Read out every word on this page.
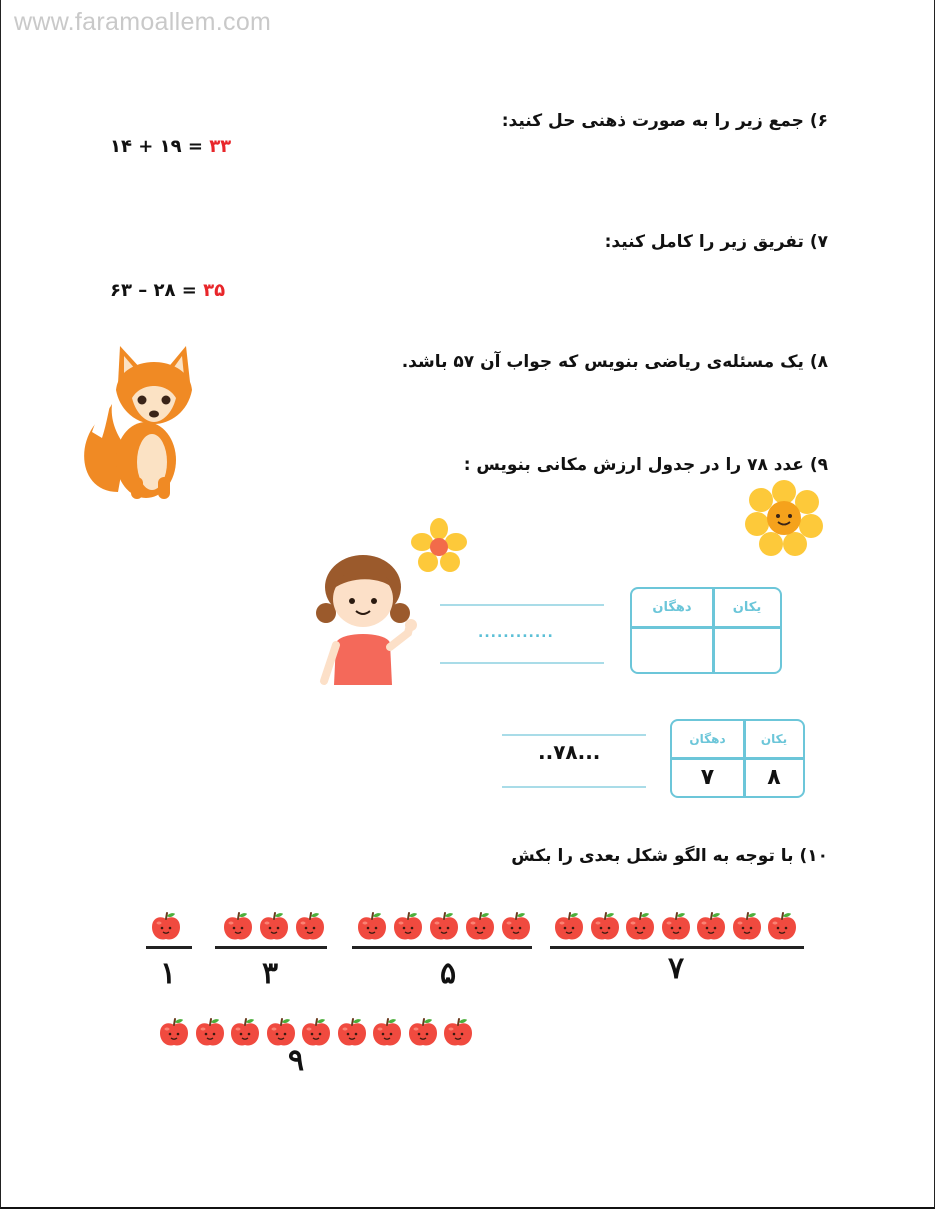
www.faramoallem.com
۶) جمع زیر را به صورت ذهنی حل کنید:
۱۴ + ۱۹ = ۳۳
۷) تفریق زیر را کامل کنید:
۶۳ – ۲۸ = ۳۵
۸) یک مسئله‌ی ریاضی بنویس که جواب آن ۵۷ باشد.
۹) عدد ۷۸ را در جدول ارزش مکانی بنویس :
............
دهگان	یکان
..۷۸...
دهگان	یکان
۷	۸
۱۰) با توجه به الگو شکل بعدی را بکش
۱	۳	۵	۷
۹
